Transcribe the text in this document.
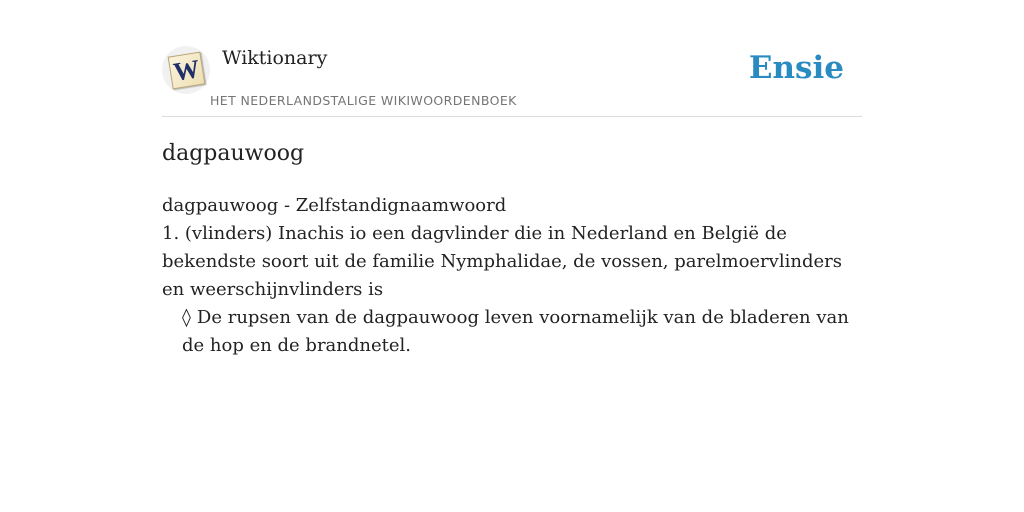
W Wiktionary
HET NEDERLANDSTALIGE WIKIWOORDENBOEK
Ensie
dagpauwoog

dagpauwoog - Zelfstandignaamwoord

1. (vlinders) Inachis io een dagvlinder die in Nederland en België de bekendste soort uit de familie Nymphalidae, de vossen, parelmoervlinders en weerschijnvlinders is

◊ De rupsen van de dagpauwoog leven voornamelijk van de bladeren van de hop en de brandnetel.
